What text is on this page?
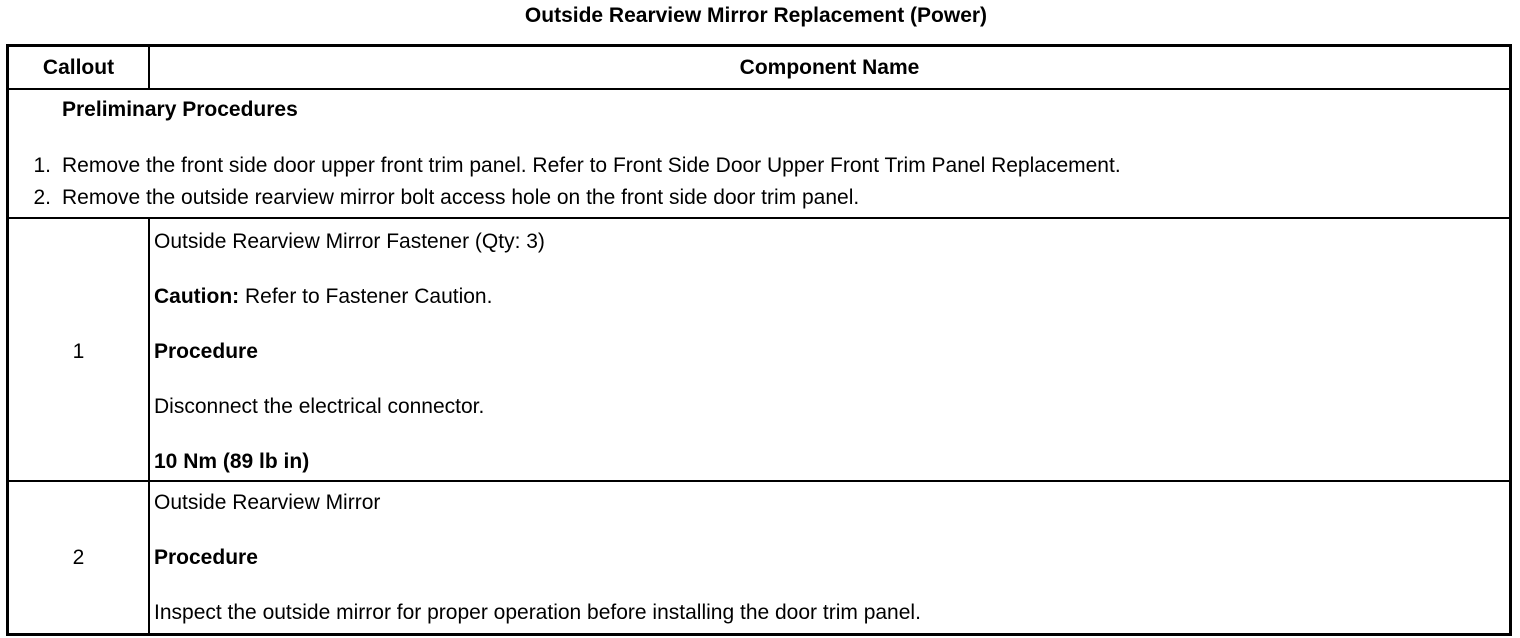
Outside Rearview Mirror Replacement (Power)
Callout	Component Name
Preliminary Procedures
1. Remove the front side door upper front trim panel. Refer to Front Side Door Upper Front Trim Panel Replacement.
2. Remove the outside rearview mirror bolt access hole on the front side door trim panel.
1
Outside Rearview Mirror Fastener (Qty: 3)
Caution: Refer to Fastener Caution.
Procedure
Disconnect the electrical connector.
10 Nm (89 lb in)
2
Outside Rearview Mirror
Procedure
Inspect the outside mirror for proper operation before installing the door trim panel.
